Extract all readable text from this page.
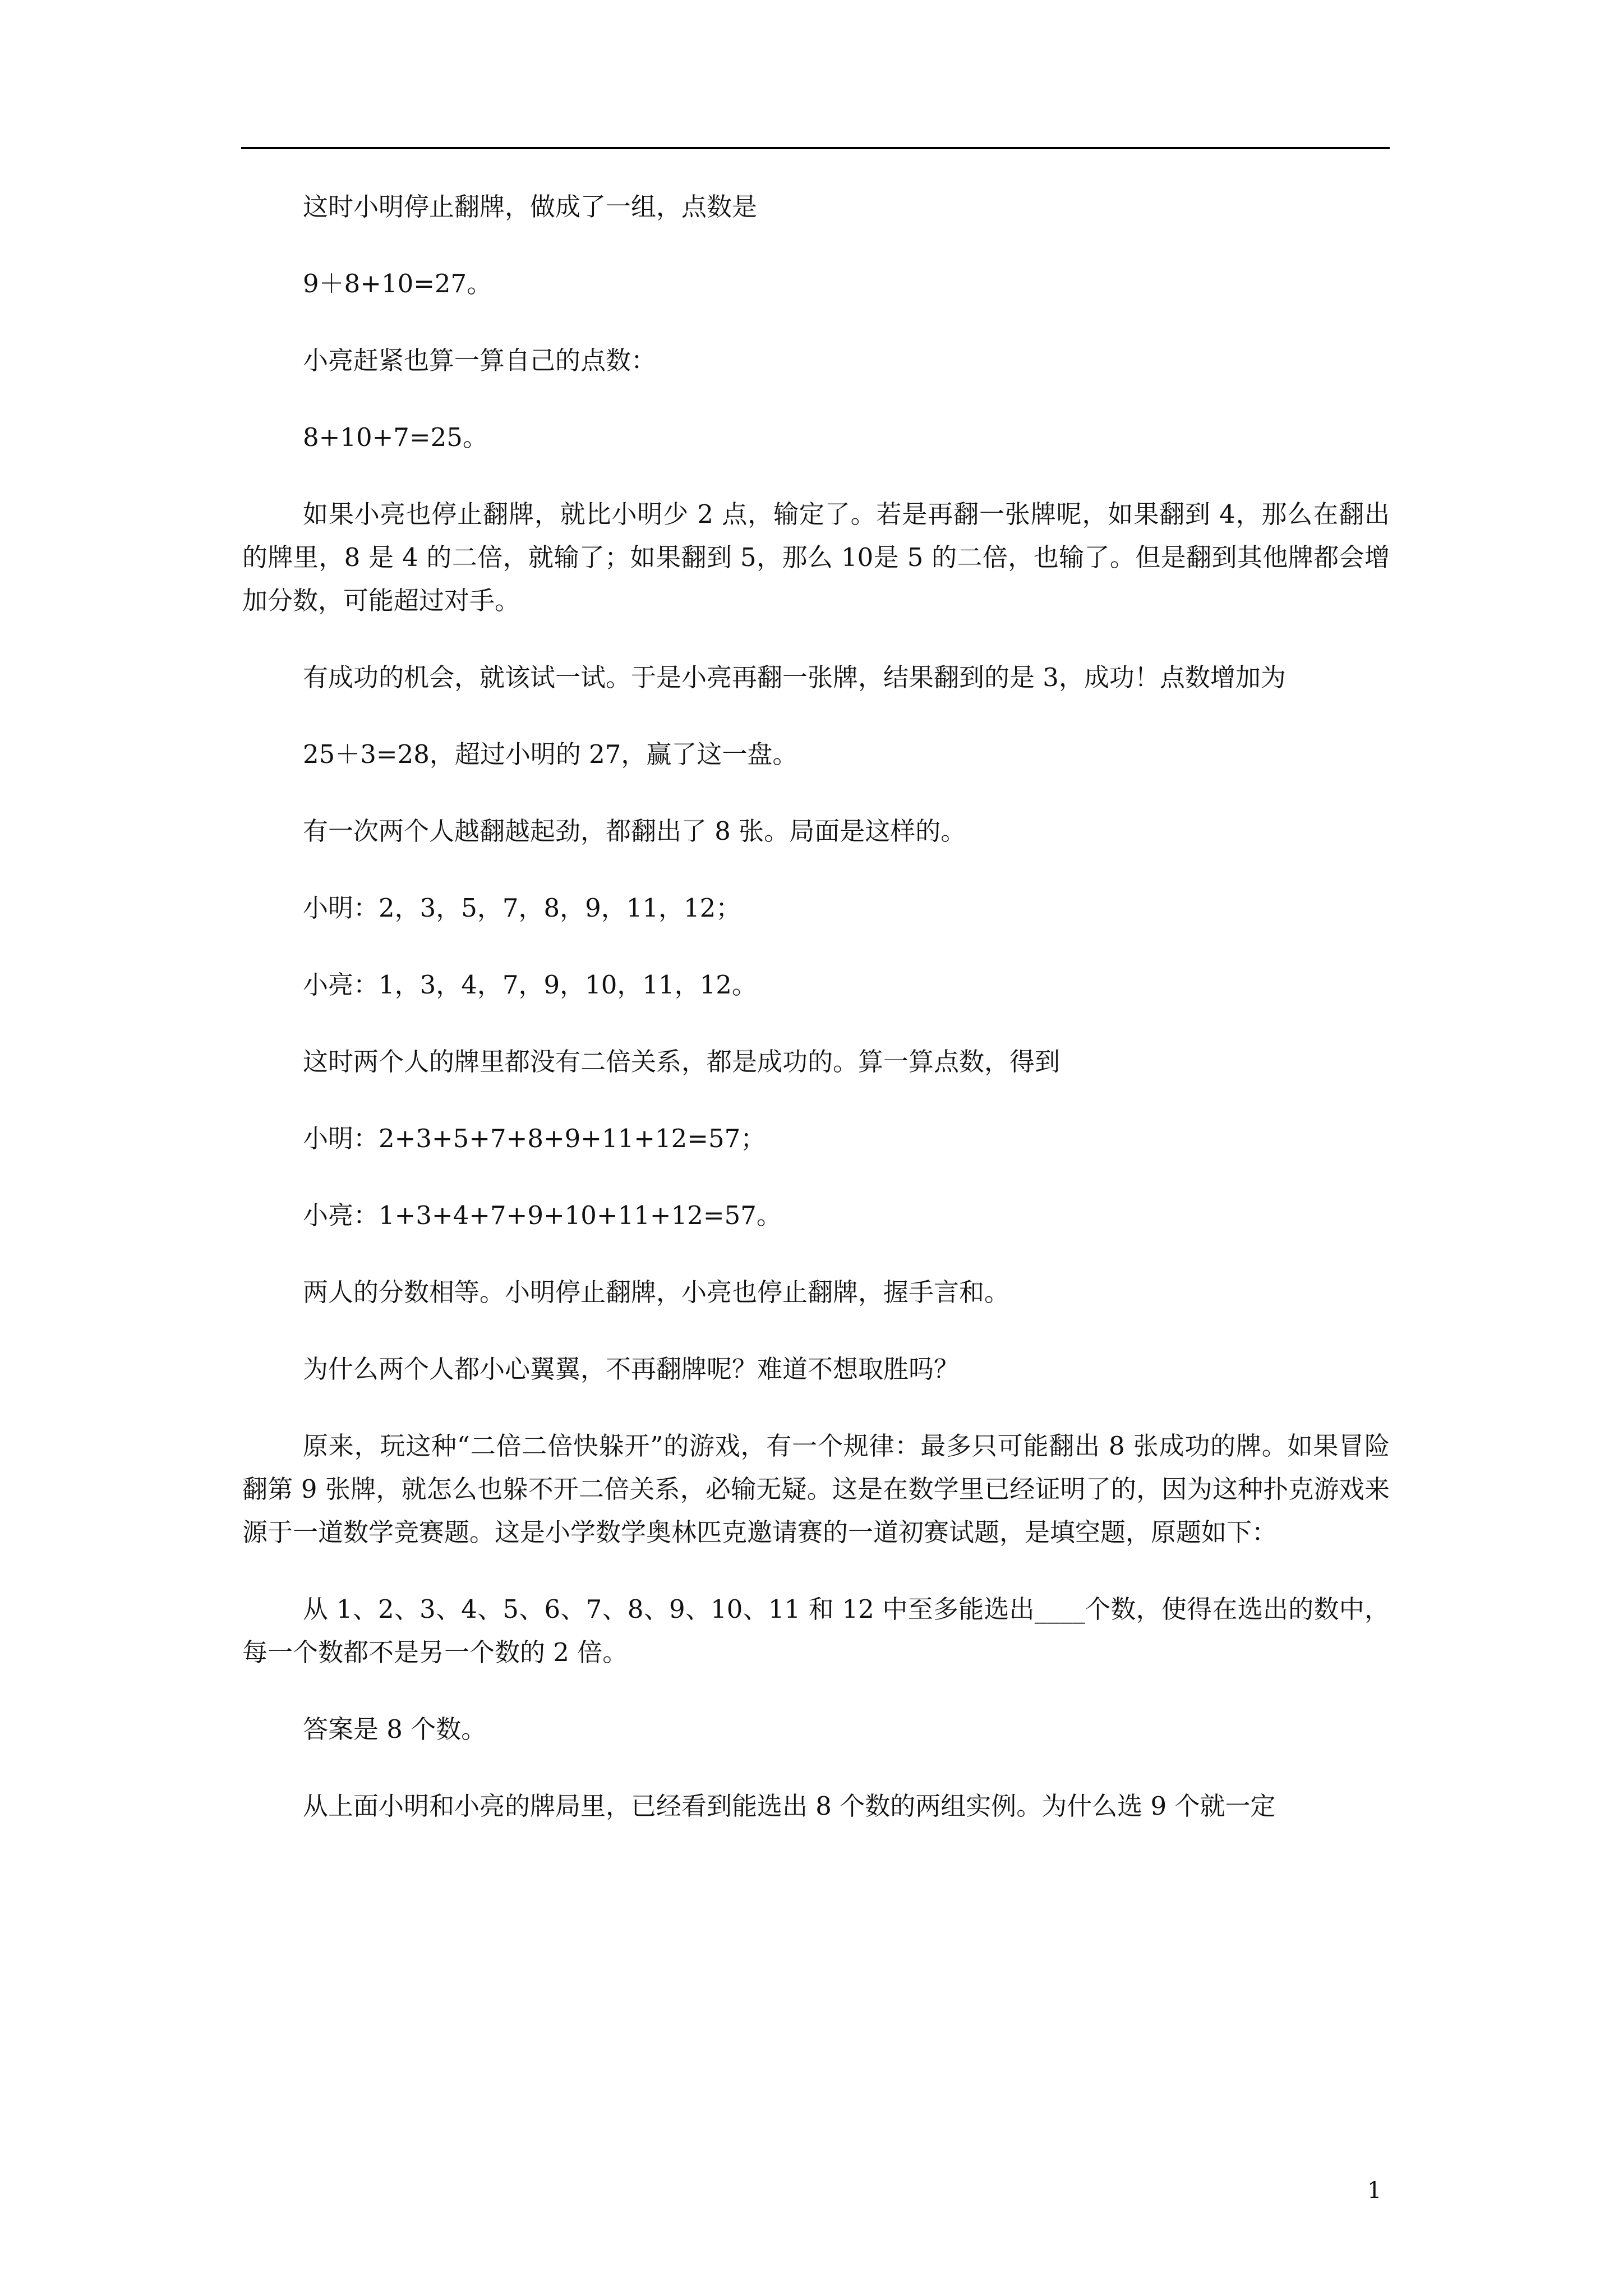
这时小明停止翻牌，做成了一组，点数是

9＋8+10=27。

小亮赶紧也算一算自己的点数：

8+10+7=25。

如果小亮也停止翻牌，就比小明少 2 点，输定了。若是再翻一张牌呢，如果翻到 4，那么在翻出的牌里，8 是 4 的二倍，就输了；如果翻到 5，那么 10是 5 的二倍，也输了。但是翻到其他牌都会增加分数，可能超过对手。

有成功的机会，就该试一试。于是小亮再翻一张牌，结果翻到的是 3，成功！点数增加为

25＋3=28，超过小明的 27，赢了这一盘。

有一次两个人越翻越起劲，都翻出了 8 张。局面是这样的。

小明：2，3，5，7，8，9，11，12；

小亮：1，3，4，7，9，10，11，12。

这时两个人的牌里都没有二倍关系，都是成功的。算一算点数，得到

小明：2+3+5+7+8+9+11+12=57；

小亮：1+3+4+7+9+10+11+12=57。

两人的分数相等。小明停止翻牌，小亮也停止翻牌，握手言和。

为什么两个人都小心翼翼，不再翻牌呢？难道不想取胜吗？

原来，玩这种“二倍二倍快躲开”的游戏，有一个规律：最多只可能翻出 8 张成功的牌。如果冒险翻第 9 张牌，就怎么也躲不开二倍关系，必输无疑。这是在数学里已经证明了的，因为这种扑克游戏来源于一道数学竞赛题。这是小学数学奥林匹克邀请赛的一道初赛试题，是填空题，原题如下：

从 1、2、3、4、5、6、7、8、9、10、11 和 12 中至多能选出____个数，使得在选出的数中，每一个数都不是另一个数的 2 倍。

答案是 8 个数。

从上面小明和小亮的牌局里，已经看到能选出 8 个数的两组实例。为什么选 9 个就一定

1
